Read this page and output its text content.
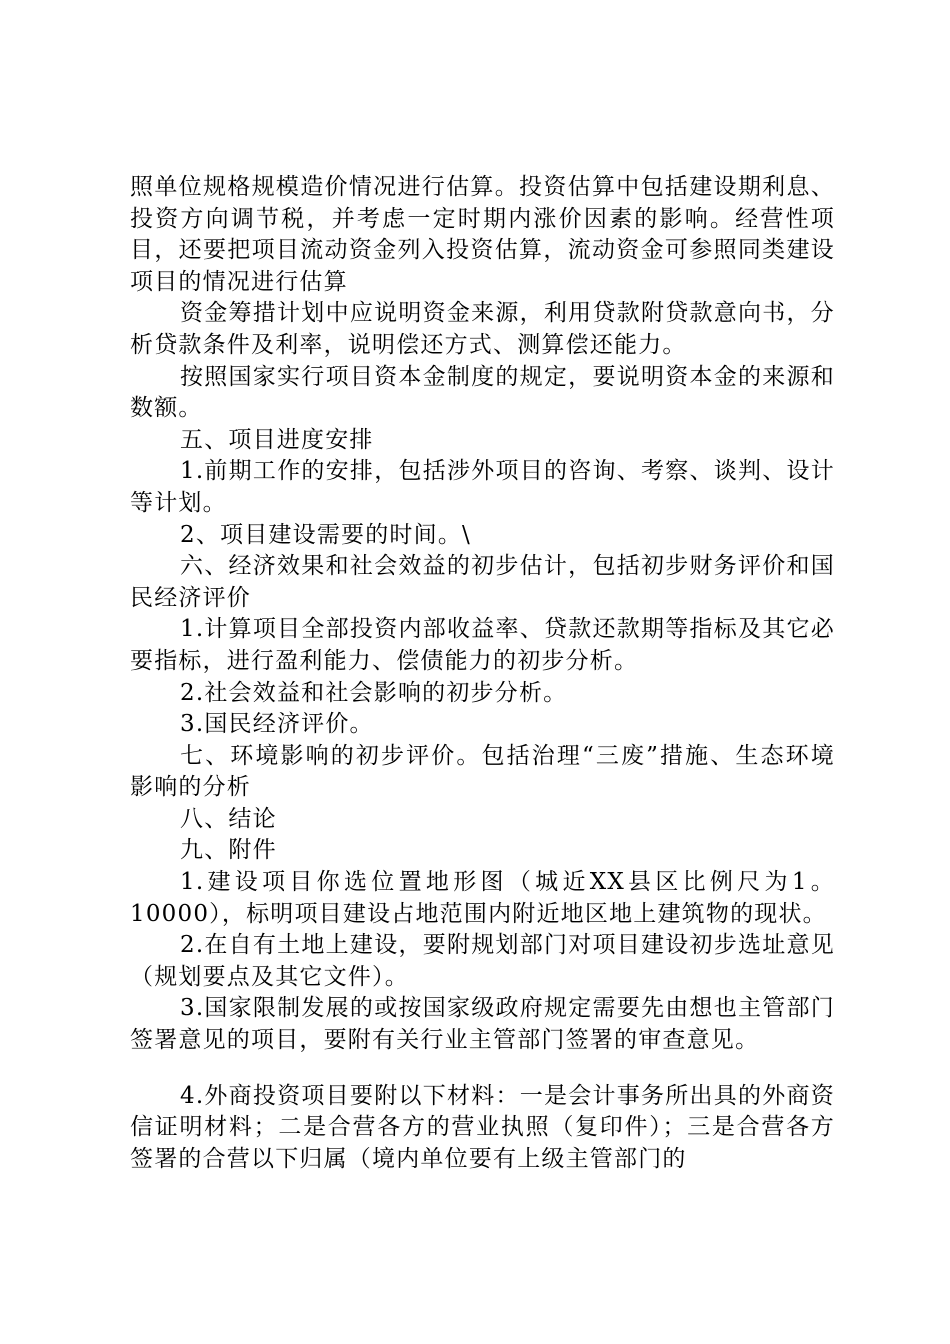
照单位规格规模造价情况进行估算。投资估算中包括建设期利息、投资方向调节税，并考虑一定时期内涨价因素的影响。经营性项目，还要把项目流动资金列入投资估算，流动资金可参照同类建设项目的情况进行估算

资金筹措计划中应说明资金来源，利用贷款附贷款意向书，分析贷款条件及利率，说明偿还方式、测算偿还能力。

按照国家实行项目资本金制度的规定，要说明资本金的来源和数额。

五、项目进度安排

1.前期工作的安排，包括涉外项目的咨询、考察、谈判、设计等计划。

2、项目建设需要的时间。\

六、经济效果和社会效益的初步估计，包括初步财务评价和国民经济评价

1.计算项目全部投资内部收益率、贷款还款期等指标及其它必要指标，进行盈利能力、偿债能力的初步分析。

2.社会效益和社会影响的初步分析。

3.国民经济评价。

七、环境影响的初步评价。包括治理“三废”措施、生态环境影响的分析

八、结论

九、附件

1.建设项目你选位置地形图（城近XX县区比例尺为1。10000），标明项目建设占地范围内附近地区地上建筑物的现状。

2.在自有土地上建设，要附规划部门对项目建设初步选址意见（规划要点及其它文件）。

3.国家限制发展的或按国家级政府规定需要先由想也主管部门签署意见的项目，要附有关行业主管部门签署的审查意见。

4.外商投资项目要附以下材料：一是会计事务所出具的外商资信证明材料；二是合营各方的营业执照（复印件）；三是合营各方签署的合营以下归属（境内单位要有上级主管部门的
